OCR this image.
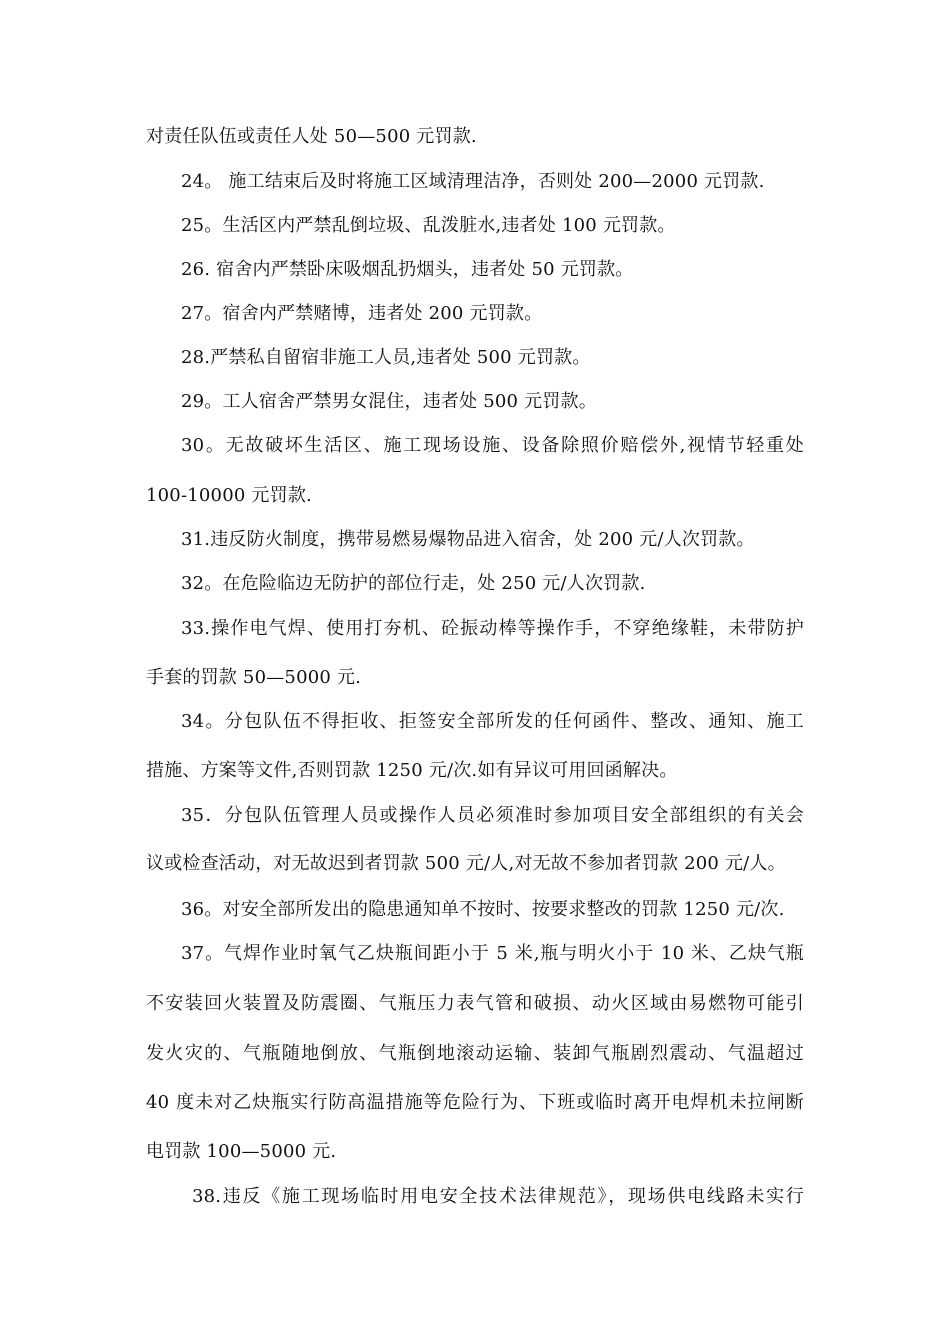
对责任队伍或责任人处 50—500 元罚款.
24。 施工结束后及时将施工区域清理洁净，否则处 200—2000 元罚款.
25。生活区内严禁乱倒垃圾、乱泼脏水,违者处 100 元罚款。
26. 宿舍内严禁卧床吸烟乱扔烟头，违者处 50 元罚款。
27。宿舍内严禁赌博，违者处 200 元罚款。
28.严禁私自留宿非施工人员,违者处 500 元罚款。
29。工人宿舍严禁男女混住，违者处 500 元罚款。
30。无故破坏生活区、施工现场设施、设备除照价赔偿外,视情节轻重处
100-10000 元罚款.
31.违反防火制度，携带易燃易爆物品进入宿舍，处 200 元/人次罚款。
32。在危险临边无防护的部位行走，处 250 元/人次罚款.
33.操作电气焊、使用打夯机、砼振动棒等操作手，不穿绝缘鞋，未带防护
手套的罚款 50—5000 元.
34。分包队伍不得拒收、拒签安全部所发的任何函件、整改、通知、施工
措施、方案等文件,否则罚款 1250 元/次.如有异议可用回函解决。
35．分包队伍管理人员或操作人员必须准时参加项目安全部组织的有关会
议或检查活动，对无故迟到者罚款 500 元/人,对无故不参加者罚款 200 元/人。
36。对安全部所发出的隐患通知单不按时、按要求整改的罚款 1250 元/次.
37。气焊作业时氧气乙炔瓶间距小于 5 米,瓶与明火小于 10 米、乙炔气瓶
不安装回火装置及防震圈、气瓶压力表气管和破损、动火区域由易燃物可能引
发火灾的、气瓶随地倒放、气瓶倒地滚动运输、装卸气瓶剧烈震动、气温超过
40 度未对乙炔瓶实行防高温措施等危险行为、下班或临时离开电焊机未拉闸断
电罚款 100—5000 元.
38.违反《施工现场临时用电安全技术法律规范》，现场供电线路未实行
